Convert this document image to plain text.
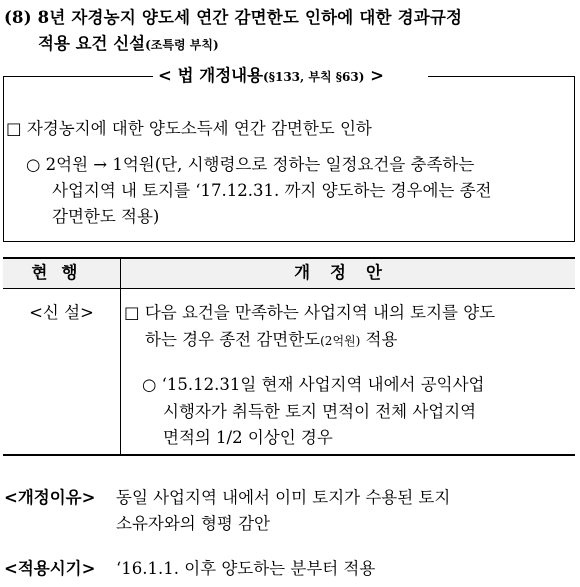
(8) 8년 자경농지 양도세 연간 감면한도 인하에 대한 경과규정
적용 요건 신설(조특령 부칙)
< 법 개정내용(§133, 부칙 §63) >
□ 자경농지에 대한 양도소득세 연간 감면한도 인하
○ 2억원 → 1억원(단, 시행령으로 정하는 일정요건을 충족하는
사업지역 내 토지를 ‘17.12.31. 까지 양도하는 경우에는 종전
감면한도 적용)
현행	개정안
<신 설>	□ 다음 요건을 만족하는 사업지역 내의 토지를 양도
하는 경우 종전 감면한도(2억원) 적용
○ ‘15.12.31일 현재 사업지역 내에서 공익사업
시행자가 취득한 토지 면적이 전체 사업지역
면적의 1/2 이상인 경우
<개정이유> 동일 사업지역 내에서 이미 토지가 수용된 토지
소유자와의 형평 감안
<적용시기> ‘16.1.1. 이후 양도하는 분부터 적용
